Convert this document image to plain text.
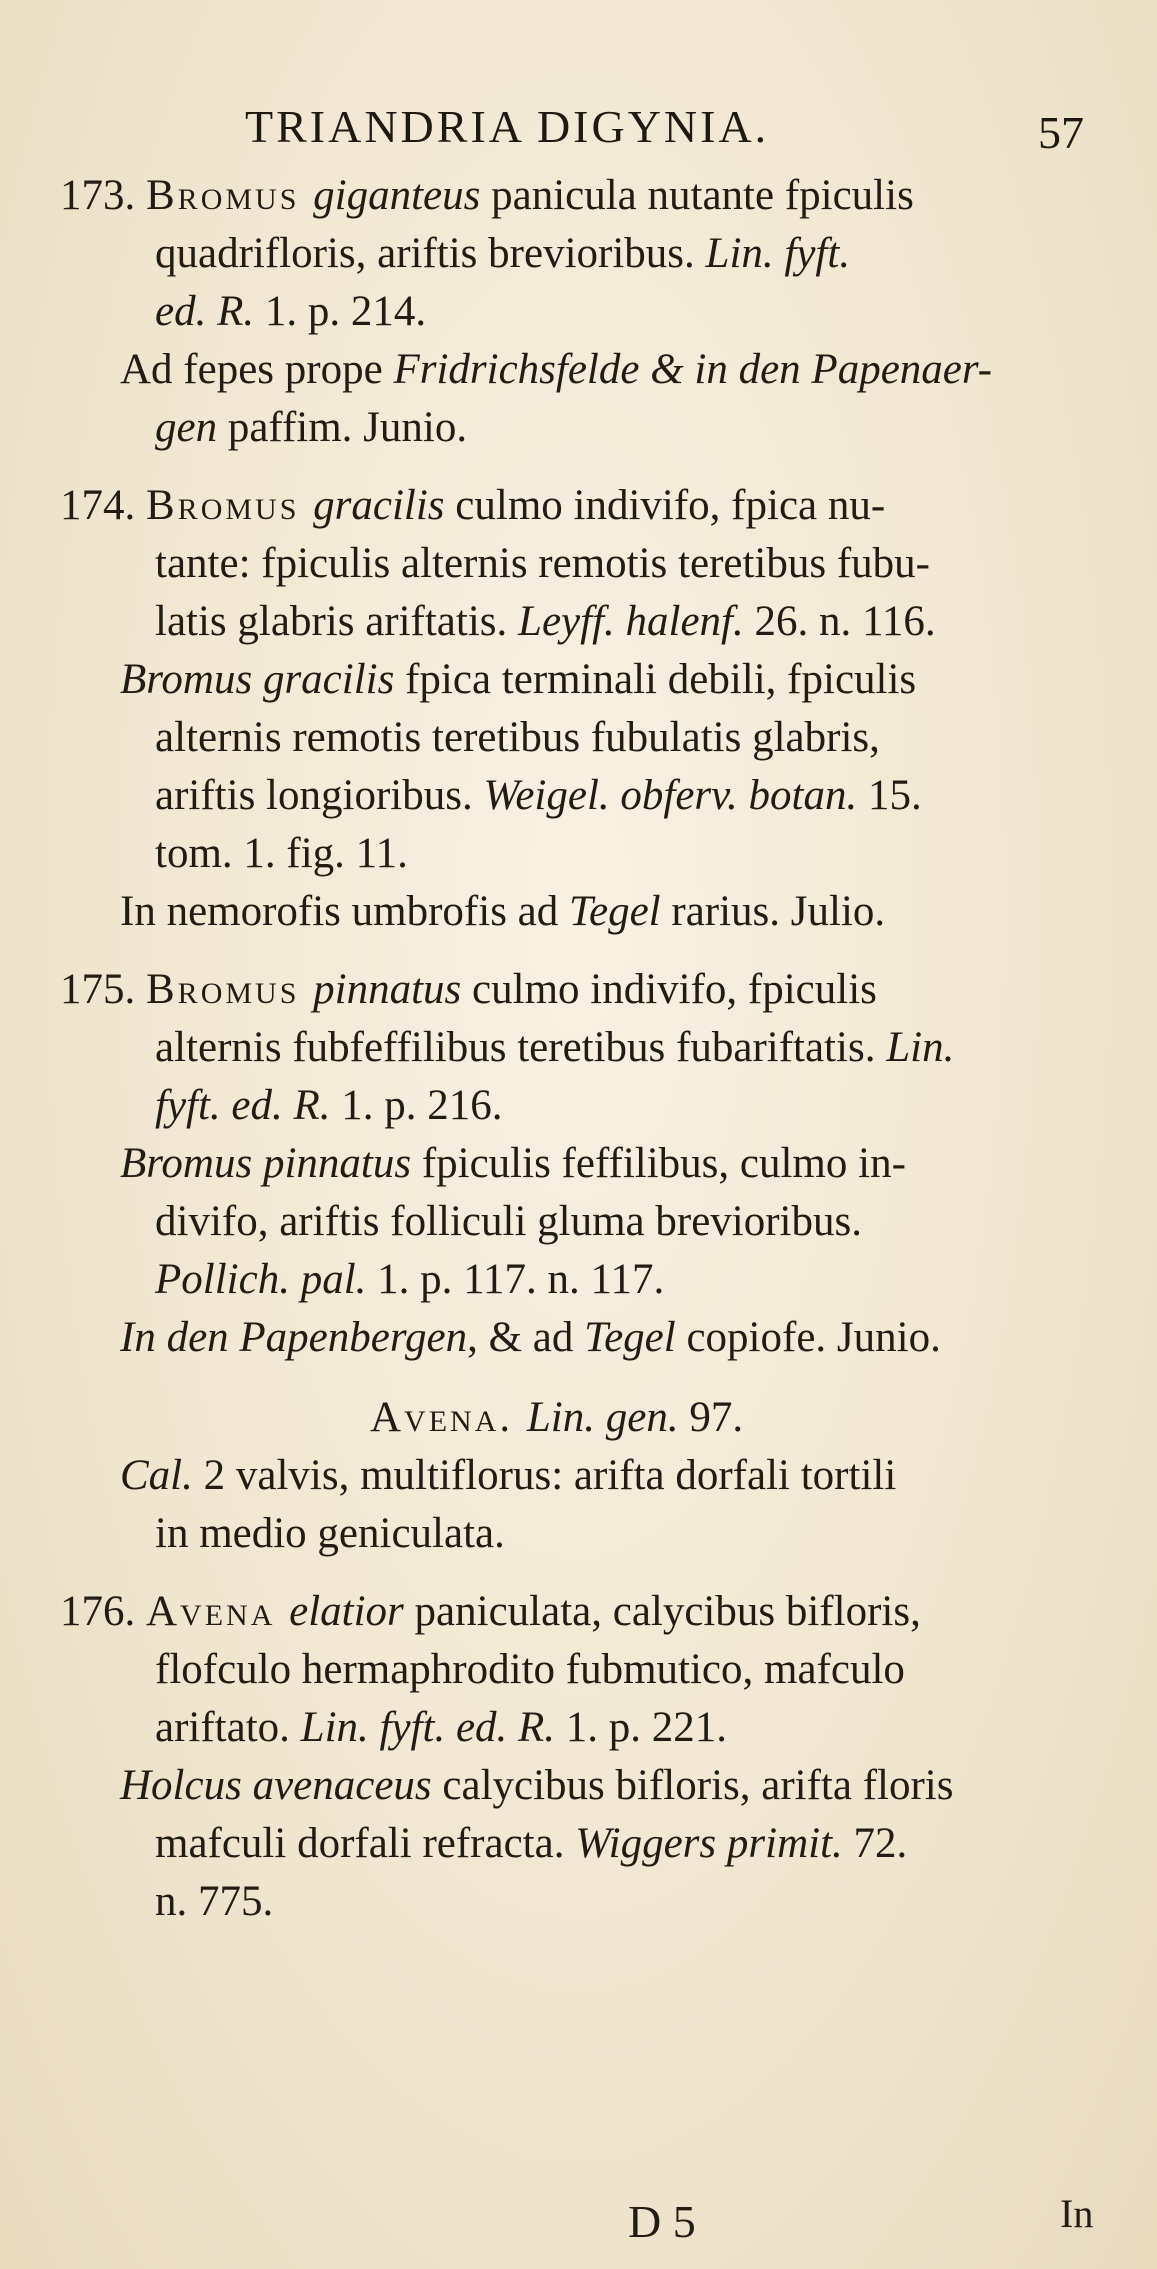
TRIANDRIA DIGYNIA.	57
173. Bromus giganteus panicula nutante fpiculis
quadrifloris, ariftis brevioribus. Lin. fyft.
ed. R. 1. p. 214.
Ad fepes prope Fridrichsfelde & in den Papenaer-
gen paffim. Junio.
174. Bromus gracilis culmo indivifo, fpica nu-
tante: fpiculis alternis remotis teretibus fubu-
latis glabris ariftatis. Leyff. halenf. 26. n. 116.
Bromus gracilis fpica terminali debili, fpiculis
alternis remotis teretibus fubulatis glabris,
ariftis longioribus. Weigel. obferv. botan. 15.
tom. 1. fig. 11.
In nemorofis umbrofis ad Tegel rarius. Julio.
175. Bromus pinnatus culmo indivifo, fpiculis
alternis fubfeffilibus teretibus fubariftatis. Lin.
fyft. ed. R. 1. p. 216.
Bromus pinnatus fpiculis feffilibus, culmo in-
divifo, ariftis folliculi gluma brevioribus.
Pollich. pal. 1. p. 117. n. 117.
In den Papenbergen, & ad Tegel copiofe. Junio.
Avena. Lin. gen. 97.
Cal. 2 valvis, multiflorus: arifta dorfali tortili
in medio geniculata.
176. Avena elatior paniculata, calycibus bifloris,
flofculo hermaphrodito fubmutico, mafculo
ariftato. Lin. fyft. ed. R. 1. p. 221.
Holcus avenaceus calycibus bifloris, arifta floris
mafculi dorfali refracta. Wiggers primit. 72.
n. 775.
D 5	In
